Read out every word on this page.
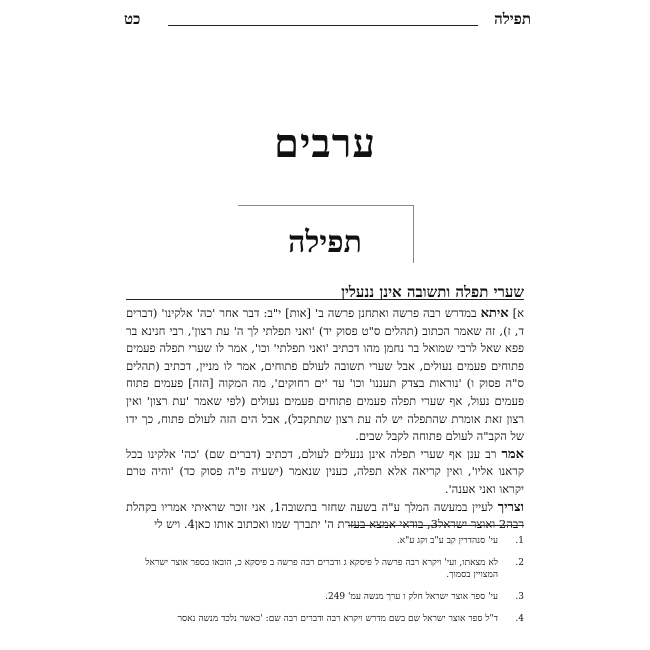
תפילה
כט
ערבים
תפילה
שערי תפלה ותשובה אינן ננעלין

א] איתא במדרש רבה פרשה ואתחנן פרשה ב' [אות] י"ב: דבר אחר 'כה' אלקינו' (דברים ד, ז), זה שאמר הכתוב (תהלים ס"ט פסוק יד) 'ואני תפלתי לך ה' עת רצון', רבי חנינא בר פפא שאל לרבי שמואל בר נחמן מהו דכתיב 'ואני תפלתי' וכו', אמר לו שערי תפלה פעמים פתוחים פעמים נעולים, אבל שערי תשובה לעולם פתוחים, אמר לו מניין, דכתיב (תהלים ס"ה פסוק ו) 'נוראות בצדק תעננו' וכו' עד 'ים רחוקים', מה המקוה [הזה] פעמים פתוח פעמים נעול, אף שערי תפלה פעמים פתוחים פעמים נעולים (לפי שאמר 'עת רצון' ואין רצון זאת אומרת שהתפלה יש לה עת רצון שתתקבל), אבל הים הזה לעולם פתוח, כך ידו של הקב"ה לעולם פתוחה לקבל שבים.

אמר רב ענן אף שערי תפלה אינן ננעלים לעולם, דכתיב (דברים שם) 'כה' אלקינו בכל קראנו אליו', ואין קריאה אלא תפלה, כענין שנאמר (ישעיה פ"ה פסוק כד) 'והיה טרם יקראו ואני אענה'.

וצריך לעיין במעשה המלך ע"ה בשעה שחזר בתשובה1, אני זוכר שראיתי אמריו בקהלת רבה2 ואוצר ישראל3, בודאי אמצא בעזרת ה' יתברך שמו ואכתוב אותו כאן4. ויש לי

1.
עי' סנהדרין קב ע"ב וקג ע"א.
2.
לא מצאתו, ועי' ויקרא רבה פרשה ל פיסקא ג ודברים רבה פרשה ב פיסקא כ, הובאו בספר אוצר ישראל המצויין בסמוך.
3.
עי' ספר אוצר ישראל חלק ו ערך מנשה עמ' 249.
4.
ד"ל ספר אוצר ישראל שם בשם מדרש ויקרא רבה ודברים רבה שם: 'כאשר נלכד מנשה נאסר
